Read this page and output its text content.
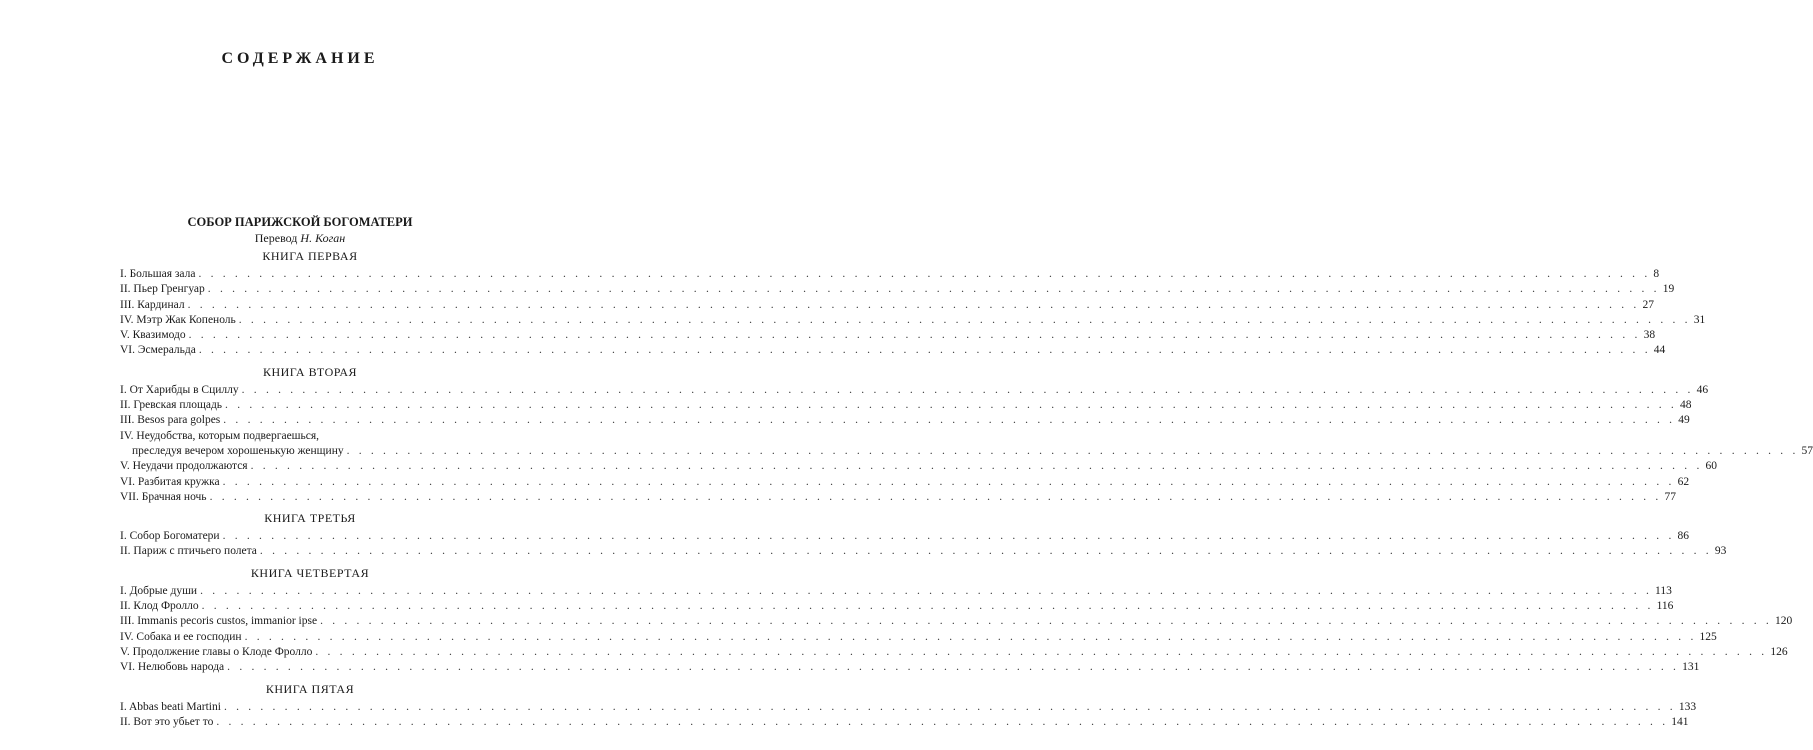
СОДЕРЖАНИЕ
СОБОР ПАРИЖСКОЙ БОГОМАТЕРИ
Перевод Н. Коган
КНИГА ПЕРВАЯ
I. Большая зала . . . . . . . . . . . . . . . . . . . . . . . . . . . . . . . . . . . . . . . . . . . . . . . . . . . . . . . . . . . . . . . . . . . . . . . . . . . . . . . . . . . . . . . . . . . . . . . . . . . . . . . . . . . . . . . . . . . . . . . . 8
II. Пьер Гренгуар . . . . . . . . . . . . . . . . . . . . . . . . . . . . . . . . . . . . . . . . . . . . . . . . . . . . . . . . . . . . . . . . . . . . . . . . . . . . . . . . . . . . . . . . . . . . . . . . . . . . . . . . . . . . . . . . . . . . . . . . 19
III. Кардинал . . . . . . . . . . . . . . . . . . . . . . . . . . . . . . . . . . . . . . . . . . . . . . . . . . . . . . . . . . . . . . . . . . . . . . . . . . . . . . . . . . . . . . . . . . . . . . . . . . . . . . . . . . . . . . . . . . . . . . . . 27
IV. Мэтр Жак Копеноль . . . . . . . . . . . . . . . . . . . . . . . . . . . . . . . . . . . . . . . . . . . . . . . . . . . . . . . . . . . . . . . . . . . . . . . . . . . . . . . . . . . . . . . . . . . . . . . . . . . . . . . . . . . . . . . . . . . . . . . . 31
V. Квазимодо . . . . . . . . . . . . . . . . . . . . . . . . . . . . . . . . . . . . . . . . . . . . . . . . . . . . . . . . . . . . . . . . . . . . . . . . . . . . . . . . . . . . . . . . . . . . . . . . . . . . . . . . . . . . . . . . . . . . . . . . 38
VI. Эсмеральда . . . . . . . . . . . . . . . . . . . . . . . . . . . . . . . . . . . . . . . . . . . . . . . . . . . . . . . . . . . . . . . . . . . . . . . . . . . . . . . . . . . . . . . . . . . . . . . . . . . . . . . . . . . . . . . . . . . . . . . . 44
КНИГА ВТОРАЯ
I. От Харибды в Сциллу . . . . . . . . . . . . . . . . . . . . . . . . . . . . . . . . . . . . . . . . . . . . . . . . . . . . . . . . . . . . . . . . . . . . . . . . . . . . . . . . . . . . . . . . . . . . . . . . . . . . . . . . . . . . . . . . . . . . . . . . 46
II. Гревская площадь . . . . . . . . . . . . . . . . . . . . . . . . . . . . . . . . . . . . . . . . . . . . . . . . . . . . . . . . . . . . . . . . . . . . . . . . . . . . . . . . . . . . . . . . . . . . . . . . . . . . . . . . . . . . . . . . . . . . . . . . 48
III. Besos para golpes . . . . . . . . . . . . . . . . . . . . . . . . . . . . . . . . . . . . . . . . . . . . . . . . . . . . . . . . . . . . . . . . . . . . . . . . . . . . . . . . . . . . . . . . . . . . . . . . . . . . . . . . . . . . . . . . . . . . . . . . 49
IV. Неудобства, которым подвергаешься,
преследуя вечером хорошенькую женщину . . . . . . . . . . . . . . . . . . . . . . . . . . . . . . . . . . . . . . . . . . . . . . . . . . . . . . . . . . . . . . . . . . . . . . . . . . . . . . . . . . . . . . . . . . . . . . . . . . . . . . . . . . . . . . . . . . . . . . . . 57
V. Неудачи продолжаются . . . . . . . . . . . . . . . . . . . . . . . . . . . . . . . . . . . . . . . . . . . . . . . . . . . . . . . . . . . . . . . . . . . . . . . . . . . . . . . . . . . . . . . . . . . . . . . . . . . . . . . . . . . . . . . . . . . . . . . . 60
VI. Разбитая кружка . . . . . . . . . . . . . . . . . . . . . . . . . . . . . . . . . . . . . . . . . . . . . . . . . . . . . . . . . . . . . . . . . . . . . . . . . . . . . . . . . . . . . . . . . . . . . . . . . . . . . . . . . . . . . . . . . . . . . . . . 62
VII. Брачная ночь . . . . . . . . . . . . . . . . . . . . . . . . . . . . . . . . . . . . . . . . . . . . . . . . . . . . . . . . . . . . . . . . . . . . . . . . . . . . . . . . . . . . . . . . . . . . . . . . . . . . . . . . . . . . . . . . . . . . . . . . 77
КНИГА ТРЕТЬЯ
I. Собор Богоматери . . . . . . . . . . . . . . . . . . . . . . . . . . . . . . . . . . . . . . . . . . . . . . . . . . . . . . . . . . . . . . . . . . . . . . . . . . . . . . . . . . . . . . . . . . . . . . . . . . . . . . . . . . . . . . . . . . . . . . . . 86
II. Париж с птичьего полета . . . . . . . . . . . . . . . . . . . . . . . . . . . . . . . . . . . . . . . . . . . . . . . . . . . . . . . . . . . . . . . . . . . . . . . . . . . . . . . . . . . . . . . . . . . . . . . . . . . . . . . . . . . . . . . . . . . . . . . . 93
КНИГА ЧЕТВЕРТАЯ
I. Добрые души . . . . . . . . . . . . . . . . . . . . . . . . . . . . . . . . . . . . . . . . . . . . . . . . . . . . . . . . . . . . . . . . . . . . . . . . . . . . . . . . . . . . . . . . . . . . . . . . . . . . . . . . . . . . . . . . . . . . . . . . 113
II. Клод Фролло . . . . . . . . . . . . . . . . . . . . . . . . . . . . . . . . . . . . . . . . . . . . . . . . . . . . . . . . . . . . . . . . . . . . . . . . . . . . . . . . . . . . . . . . . . . . . . . . . . . . . . . . . . . . . . . . . . . . . . . . 116
III. Immanis pecoris custos, immanior ipse . . . . . . . . . . . . . . . . . . . . . . . . . . . . . . . . . . . . . . . . . . . . . . . . . . . . . . . . . . . . . . . . . . . . . . . . . . . . . . . . . . . . . . . . . . . . . . . . . . . . . . . . . . . . . . . . . . . . . . . . 120
IV. Собака и ее господин . . . . . . . . . . . . . . . . . . . . . . . . . . . . . . . . . . . . . . . . . . . . . . . . . . . . . . . . . . . . . . . . . . . . . . . . . . . . . . . . . . . . . . . . . . . . . . . . . . . . . . . . . . . . . . . . . . . . . . . . 125
V. Продолжение главы о Клоде Фролло . . . . . . . . . . . . . . . . . . . . . . . . . . . . . . . . . . . . . . . . . . . . . . . . . . . . . . . . . . . . . . . . . . . . . . . . . . . . . . . . . . . . . . . . . . . . . . . . . . . . . . . . . . . . . . . . . . . . . . . . 126
VI. Нелюбовь народа . . . . . . . . . . . . . . . . . . . . . . . . . . . . . . . . . . . . . . . . . . . . . . . . . . . . . . . . . . . . . . . . . . . . . . . . . . . . . . . . . . . . . . . . . . . . . . . . . . . . . . . . . . . . . . . . . . . . . . . . 131
КНИГА ПЯТАЯ
I. Abbas beati Martini . . . . . . . . . . . . . . . . . . . . . . . . . . . . . . . . . . . . . . . . . . . . . . . . . . . . . . . . . . . . . . . . . . . . . . . . . . . . . . . . . . . . . . . . . . . . . . . . . . . . . . . . . . . . . . . . . . . . . . . . 133
II. Вот это убьет то . . . . . . . . . . . . . . . . . . . . . . . . . . . . . . . . . . . . . . . . . . . . . . . . . . . . . . . . . . . . . . . . . . . . . . . . . . . . . . . . . . . . . . . . . . . . . . . . . . . . . . . . . . . . . . . . . . . . . . . . 141
